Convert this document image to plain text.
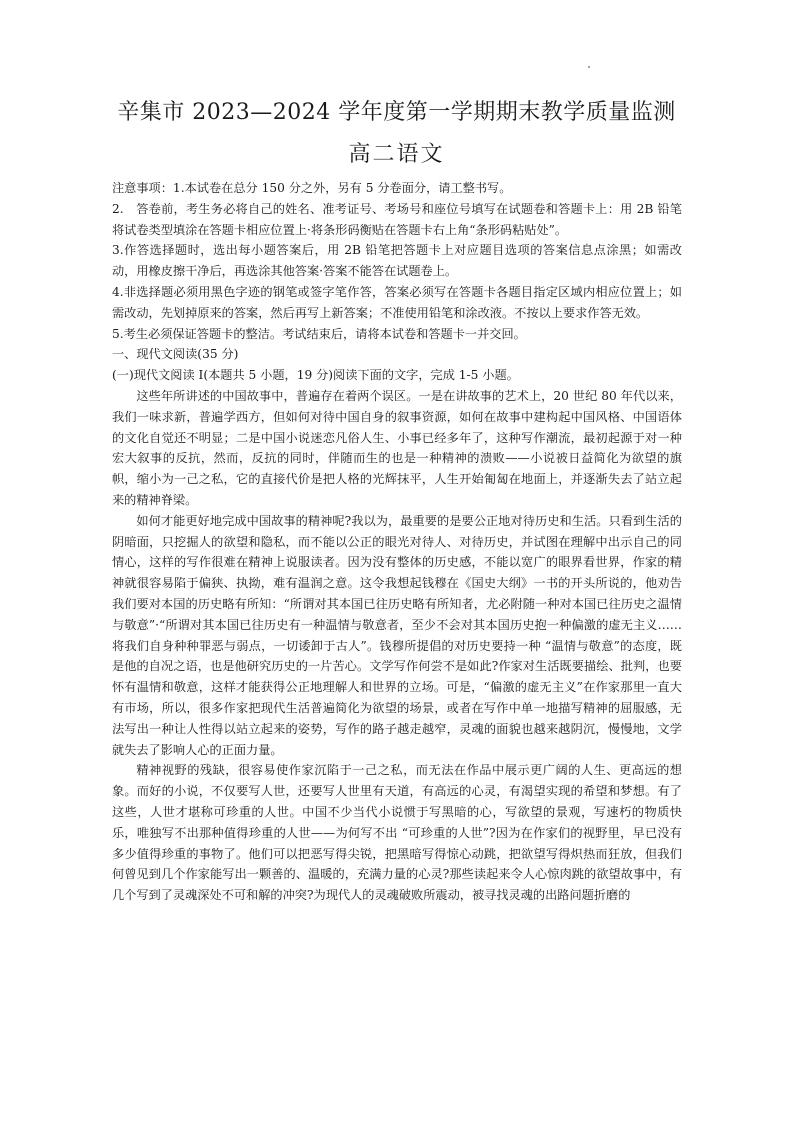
辛集市 2023—2024 学年度第一学期期末教学质量监测
高二语文

注意事项：1.本试卷在总分 150 分之外，另有 5 分卷面分，请工整书写。

2.　答卷前，考生务必将自己的姓名、准考证号、考场号和座位号填写在试题卷和答题卡上：用 2B 铅笔将试卷类型填涂在答题卡相应位置上·将条形码衡贴在答题卡右上角“条形码粘贴处”。

3.作答选择题时，选出每小题答案后，用 2B 铅笔把答题卡上对应题目选项的答案信息点涂黑；如需改动，用橡皮擦干净后，再选涂其他答案·答案不能答在试题卷上。

4.非选择题必须用黑色字迹的钢笔或签字笔作答，答案必须写在答题卡各题目指定区域内相应位置上；如需改动，先划掉原来的答案，然后再写上新答案；不准使用铅笔和涂改液。不按以上要求作答无效。

5.考生必须保证答题卡的整洁。考试结束后，请将本试卷和答题卡一并交回。

一、现代文阅读(35 分)

(一)现代文阅读 I(本题共 5 小题，19 分)阅读下面的文字，完成 1-5 小题。

这些年所讲述的中国故事中，普遍存在着两个误区。一是在讲故事的艺术上，20 世纪 80 年代以来，我们一味求新，普遍学西方，但如何对待中国自身的叙事资源，如何在故事中建构起中国风格、中国语体的文化自觉还不明显；二是中国小说迷恋凡俗人生、小事已经多年了，这种写作潮流，最初起源于对一种宏大叙事的反抗，然而，反抗的同时，伴随而生的也是一种精神的溃败——小说被日益简化为欲望的旗帜，缩小为一己之私，它的直接代价是把人格的光辉抹平，人生开始匍匐在地面上，并逐渐失去了站立起来的精神脊梁。

如何才能更好地完成中国故事的精神呢?我以为，最重要的是要公正地对待历史和生活。只看到生活的阴暗面，只挖掘人的欲望和隐私，而不能以公正的眼光对待人、对待历史，并试图在理解中出示自己的同情心，这样的写作很难在精神上说服读者。因为没有整体的历史感，不能以宽广的眼界看世界，作家的精神就很容易陷于偏狭、执拗，难有温润之意。这令我想起钱穆在《国史大纲》一书的开头所说的，他劝告我们要对本国的历史略有所知：“所谓对其本国已往历史略有所知者，尤必附随一种对本国已往历史之温情与敬意”·“所谓对其本国已往历史有一种温情与敬意者，至少不会对其本国历史抱一种偏激的虚无主义……将我们自身种种罪恶与弱点，一切诿卸于古人”。钱穆所提倡的对历史要持一种 “温情与敬意”的态度，既是他的自况之语，也是他研究历史的一片苦心。文学写作何尝不是如此?作家对生活既要描绘、批判，也要怀有温情和敬意，这样才能获得公正地理解人和世界的立场。可是，“偏激的虚无主义”在作家那里一直大有市场，所以，很多作家把现代生活普遍简化为欲望的场景，或者在写作中单一地描写精神的屈服感，无法写出一种让人性得以站立起来的姿势，写作的路子越走越窄，灵魂的面貌也越来越阴沉，慢慢地，文学就失去了影响人心的正面力量。

精神视野的残缺，很容易使作家沉陷于一己之私，而无法在作品中展示更广阔的人生、更高远的想象。而好的小说，不仅要写人世，还要写人世里有天道，有高远的心灵，有渴望实现的希望和梦想。有了这些，人世才堪称可珍重的人世。中国不少当代小说惯于写黑暗的心，写欲望的景观，写速朽的物质快乐，唯独写不出那种值得珍重的人世——为何写不出 “可珍重的人世”?因为在作家们的视野里，早已没有多少值得珍重的事物了。他们可以把恶写得尖锐，把黑暗写得惊心动跳，把欲望写得炽热而狂放，但我们何曾见到几个作家能写出一颗善的、温暖的，充满力量的心灵?那些读起来令人心惊肉跳的欲望故事中，有几个写到了灵魂深处不可和解的冲突?为现代人的灵魂破败所震动，被寻找灵魂的出路问题折磨的
